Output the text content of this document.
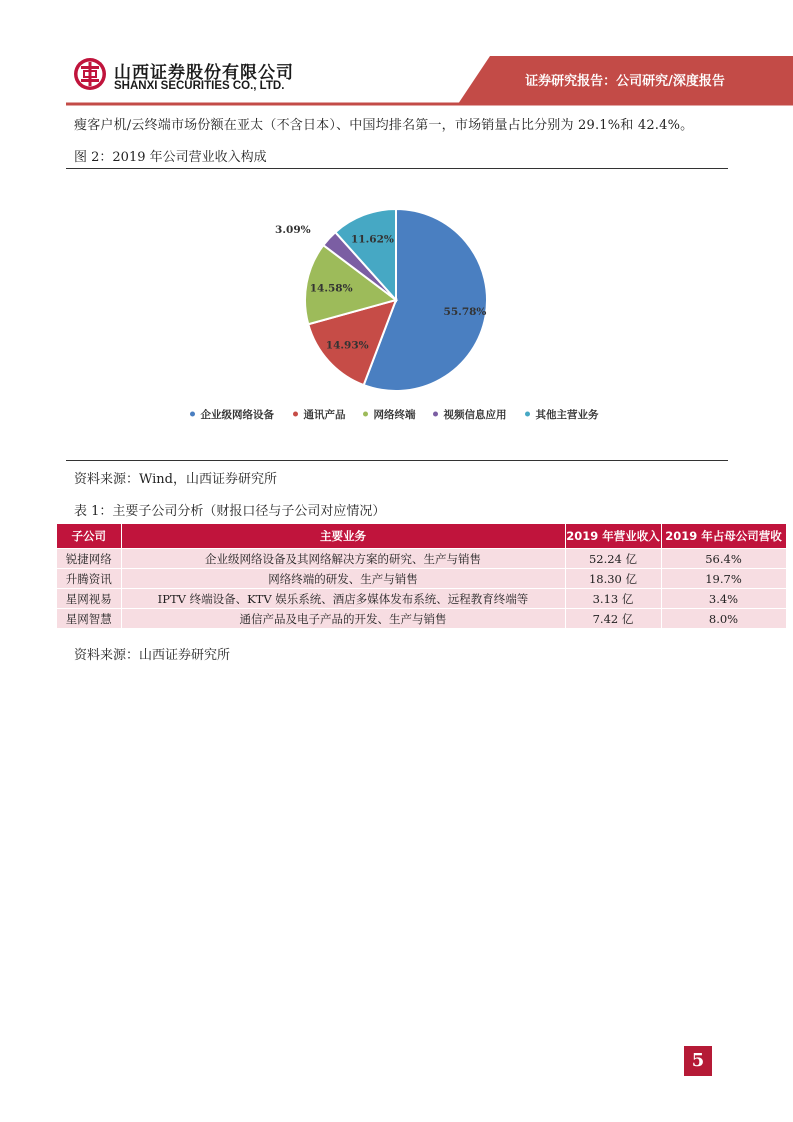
山西证券股份有限公司
SHANXI SECURITIES CO., LTD.	证券研究报告：公司研究/深度报告
瘦客户机/云终端市场份额在亚太（不含日本）、中国均排名第一，市场销量占比分别为 29.1%和 42.4%。
图 2：2019 年公司营业收入构成
55.78%
14.93%
14.58%
3.09%
11.62%
企业级网络设备	通讯产品	网络终端	视频信息应用	其他主营业务
资料来源：Wind，山西证券研究所
表 1：主要子公司分析（财报口径与子公司对应情况）
子公司	主要业务	2019 年营业收入	2019 年占母公司营收
锐捷网络	企业级网络设备及其网络解决方案的研究、生产与销售	52.24 亿	56.4%
升腾资讯	网络终端的研发、生产与销售	18.30 亿	19.7%
星网视易	IPTV 终端设备、KTV 娱乐系统、酒店多媒体发布系统、远程教育终端等	3.13 亿	3.4%
星网智慧	通信产品及电子产品的开发、生产与销售	7.42 亿	8.0%
资料来源：山西证券研究所
5
